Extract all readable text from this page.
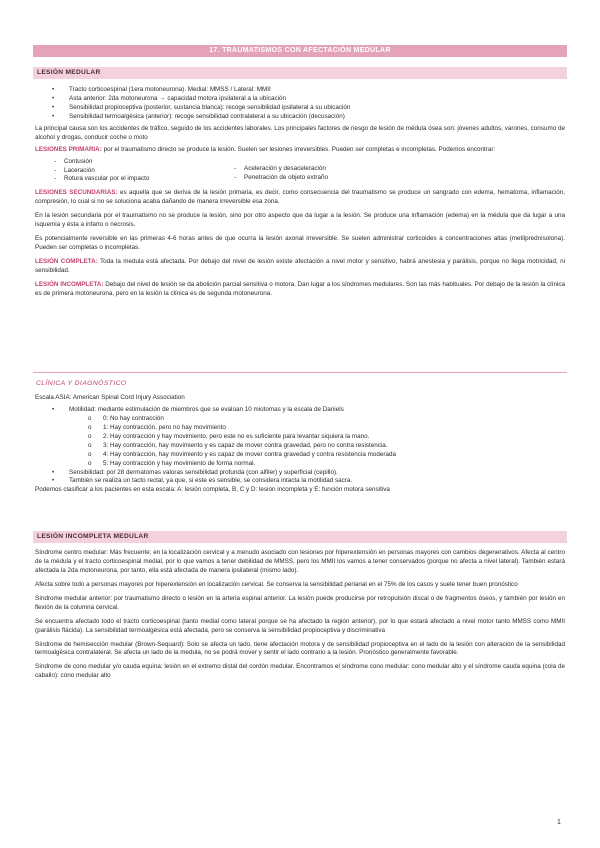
17. TRAUMATISMOS CON AFECTACIÓN MEDULAR
LESIÓN MEDULAR
• Tracto corticoespinal (1era motoneurona). Medial: MMSS / Lateral: MMII
• Asta anterior: 2da motoneurona → capacidad motora ipsilateral a la ubicación
• Sensibilidad propioceptiva (posterior, sustancia blanca): recoge sensibilidad ipsilateral a su ubicación
• Sensibilidad termoalgésica (anterior): recoge sensibilidad contralateral a su ubicación (decusación)

La principal causa son los accidentes de tráfico, seguido de los accidentes laborales. Los principales factores de riesgo de lesión de médula ósea son: jóvenes adultos, varones, consumo de alcohol y drogas, conducir coche o moto

LESIONES PRIMARIA: por el traumatismo directo se produce la lesión. Suelen ser lesiones irreversibles. Pueden ser completas e incompletas. Podemos encontrar:

- Contusión
- Laceración
- Rotura vascular por el impacto
- Aceleración y desaceleración
- Penetración de objeto extraño

LESIONES SECUNDARIAS: es aquella que se deriva de la lesión primaria, es decir, como consecuencia del traumatismo se produce un sangrado con edema, hematoma, inflamación, compresión, lo cual si no se soluciona acaba dañando de manera irreversible esa zona.

En la lesión secundaria por el traumatismo no se produce la lesión, sino por otro aspecto que da lugar a la lesión. Se produce una inflamación (edema) en la médula que da lugar a una isquemia y ésta a infarto o necrosis.

Es potencialmente reversible en las primeras 4-6 horas antes de que ocurra la lesión axonal irreversible. Se suelen administrar corticoides a concentraciones altas (metilprednisolona). Pueden ser completas o incompletas.

LESIÓN COMPLETA: Toda la medula está afectada. Por debajo del nivel de lesión existe afectación a nivel motor y sensitivo, habrá anestesia y parálisis, porque no llega motricidad, ni sensibilidad.

LESIÓN INCOMPLETA: Debajo del nivel de lesión se da abolición parcial sensitiva o motora. Dan lugar a los síndromes medulares. Son las más habituales. Por debajo de la lesión la clínica es de primera motoneurona, pero en la lesión la clínica es de segunda motoneurona.

CLÍNICA Y DIAGNÓSTICO

Escala ASIA: American Spinal Cord Injury Association

• Motilidad: mediante estimulación de miembros que se evalúan 10 miotomas y la escala de Daniels
o 0: No hay contracción
o 1: Hay contracción, pero no hay movimiento
o 2: Hay contracción y hay movimiento, pero este no es suficiente para levantar siquiera la mano.
o 3: Hay contracción, hay movimiento y es capaz de mover contra gravedad, pero no contra resistencia.
o 4: Hay contracción, hay movimiento y es capaz de mover contra gravedad y contra resistencia moderada
o 5: Hay contracción y hay movimiento de forma normal.
• Sensibilidad: por 28 dermatomas valoras sensibilidad profunda (con alfiler) y superficial (cepillo).
• También se realiza un tacto rectal, ya que, si este es sensible, se considera intacta la motilidad sacra.

Podemos clasificar a los pacientes en esta escala: A: lesión completa, B, C y D: lesión incompleta y E: función motora sensitiva

LESIÓN INCOMPLETA MEDULAR

Síndrome centro medular: Más frecuente; en la localización cervical y a menudo asociado con lesiones por hiperextensión en personas mayores con cambios degenerativos. Afecta al centro de la médula y el tracto corticoespinal medial, por lo que vamos a tener debilidad de MMSS, pero los MMII los vamos a tener conservados (porque no afecta a nivel lateral). También estará afectada la 2da motoneurona, por tanto, ella está afectada de manera ipsilateral (mismo lado).

Afecta sobre todo a personas mayores por hiperextensión en localización cervical. Se conserva la sensibilidad perianal en el 75% de los casos y suele tener buen pronóstico

Síndrome medular anterior: por traumatismo directo o lesión en la arteria espinal anterior. La lesión puede producirse por retropulsión discal o de fragmentos óseos, y también por lesión en flexión de la columna cervical.

Se encuentra afectado todo el tracto corticoespinal (tanto medial como lateral porque se ha afectado la región anterior), por lo que estará afectado a nivel motor tanto MMSS como MMII (parálisis flácida). La sensibilidad termoalgésica está afectada, pero se conserva la sensibilidad propioceptiva y discriminativa

Síndrome de hemisección medular (Brown-Sequard): Solo se afecta un lado, tiene afectación motora y de sensibilidad propioceptiva en el lado de la lesión con alteración de la sensibilidad termoalgésica contralateral. Se afecta un lado de la medula, no se podrá mover y sentir el lado contrario a la lesión. Pronóstico generalmente favorable.

Síndrome de cono medular y/o cauda equina: lesión en el extremo distal del cordón medular. Encontramos el síndrome cono medular: cono medular alto y el síndrome cauda equina (cola de caballo): cono medular alto

1
